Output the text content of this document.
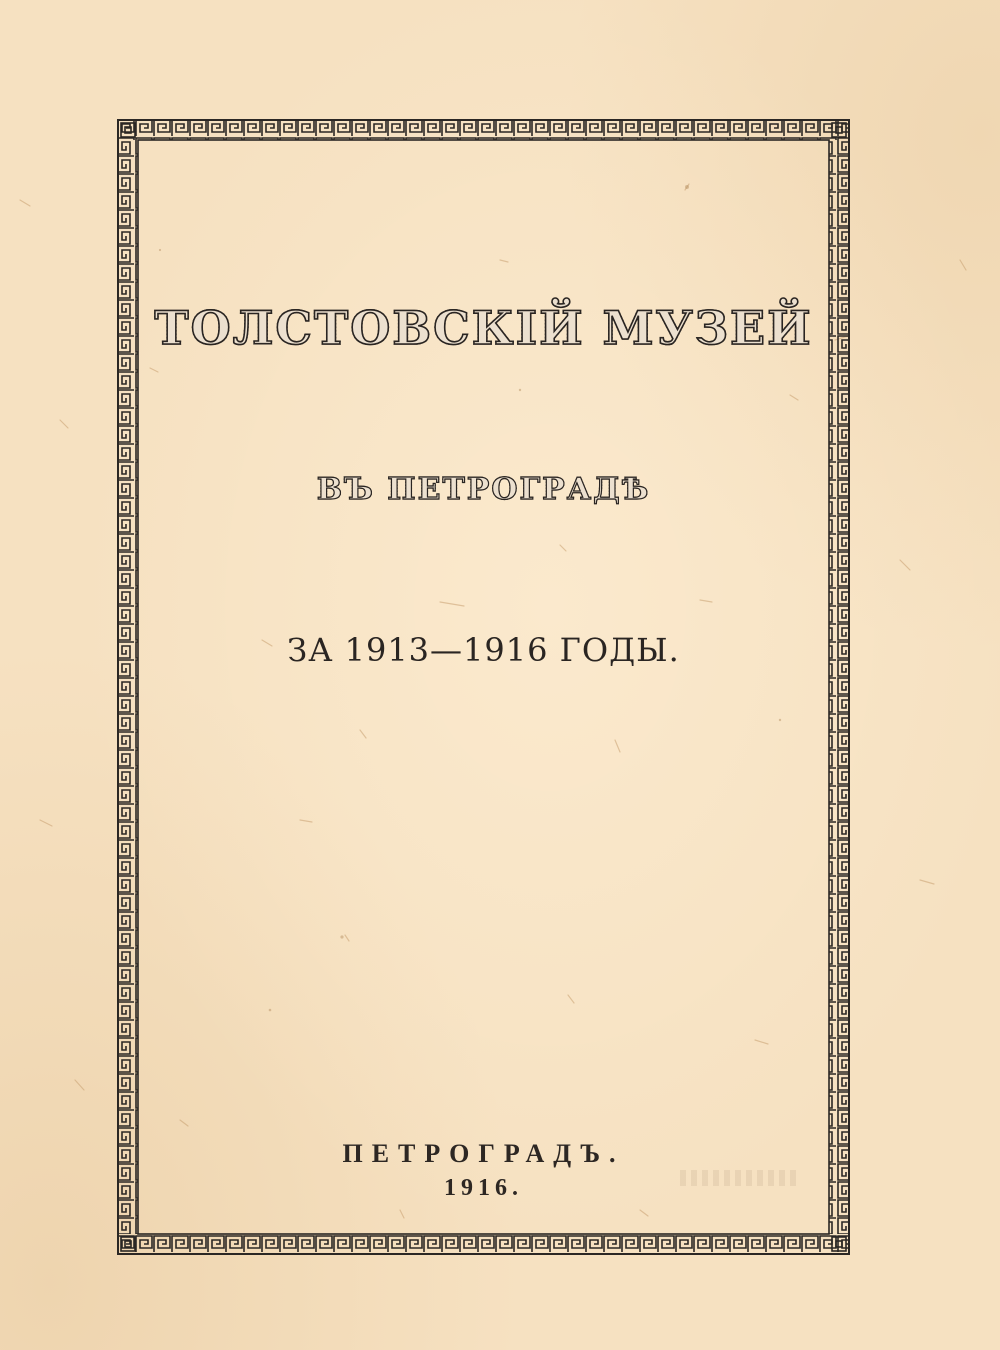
ТОЛСТОВСКІЙ МУЗЕЙ
ВЪ ПЕТРОГРАДѢ
ЗА 1913—1916 ГОДЫ.
ПЕТРОГРАДЪ.
1916.
